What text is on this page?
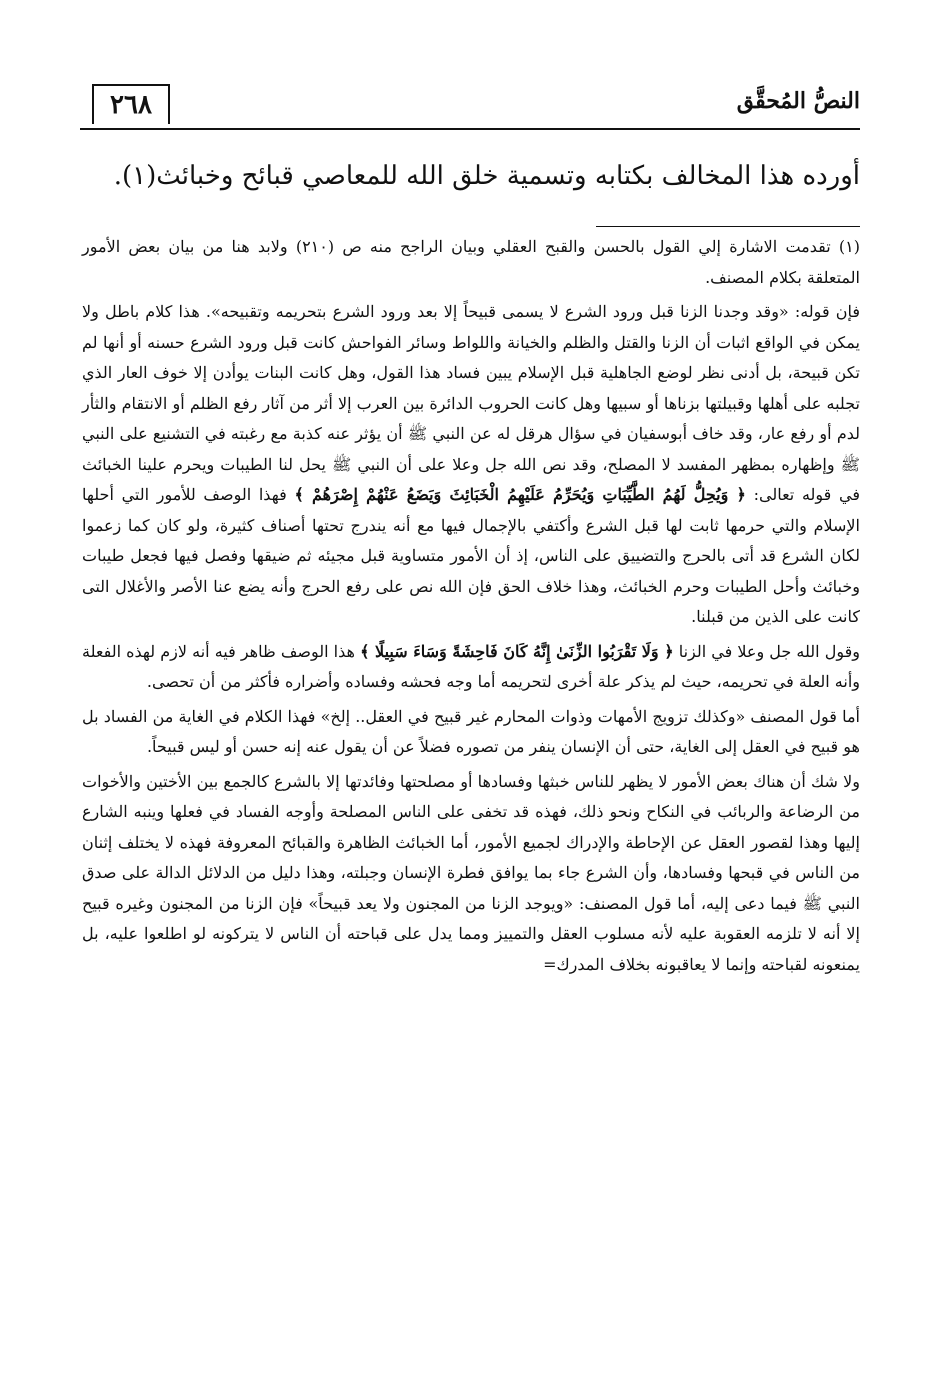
٢٦٨	النصُّ المُحقَّق
أورده هذا المخالف بكتابه وتسمية خلق الله للمعاصي قبائح وخبائث(١).

(١) تقدمت الاشارة إلي القول بالحسن والقبح العقلي وبيان الراجح منه ص (٢١٠) ولابد هنا من بيان بعض الأمور المتعلقة بكلام المصنف.

فإن قوله: «وقد وجدنا الزنا قبل ورود الشرع لا يسمى قبيحاً إلا بعد ورود الشرع بتحريمه وتقبيحه». هذا كلام باطل ولا يمكن في الواقع اثبات أن الزنا والقتل والظلم والخيانة واللواط وسائر الفواحش كانت قبل ورود الشرع حسنه أو أنها لم تكن قبيحة، بل أدنى نظر لوضع الجاهلية قبل الإسلام يبين فساد هذا القول، وهل كانت البنات يوأدن إلا خوف العار الذي تجلبه على أهلها وقبيلتها بزناها أو سبيها وهل كانت الحروب الدائرة بين العرب إلا أثر من آثار رفع الظلم أو الانتقام والثأر لدم أو رفع عار، وقد خاف أبوسفيان في سؤال هرقل له عن النبي ﷺ أن يؤثر عنه كذبة مع رغبته في التشنيع على النبي ﷺ وإظهاره بمظهر المفسد لا المصلح، وقد نص الله جل وعلا على أن النبي ﷺ يحل لنا الطيبات ويحرم علينا الخبائث في قوله تعالى: ﴿ وَيُحِلُّ لَهُمُ الطَّيِّبَاتِ وَيُحَرِّمُ عَلَيْهِمُ الْخَبَائِثَ وَيَضَعُ عَنْهُمْ إِصْرَهُمْ ﴾ فهذا الوصف للأمور التي أحلها الإسلام والتي حرمها ثابت لها قبل الشرع وأكتفي بالإجمال فيها مع أنه يندرج تحتها أصناف كثيرة، ولو كان كما زعموا لكان الشرع قد أتى بالحرج والتضييق على الناس، إذ أن الأمور متساوية قبل مجيئه ثم ضيقها وفصل فيها فجعل طيبات وخبائث وأحل الطيبات وحرم الخبائث، وهذا خلاف الحق فإن الله نص على رفع الحرج وأنه يضع عنا الأصر والأغلال التى كانت على الذين من قبلنا.

وقول الله جل وعلا في الزنا ﴿ وَلَا تَقْرَبُوا الزِّنَىٰ إِنَّهُ كَانَ فَاحِشَةً وَسَاءَ سَبِيلًا ﴾ هذا الوصف ظاهر فيه أنه لازم لهذه الفعلة وأنه العلة في تحريمه، حيث لم يذكر علة أخرى لتحريمه أما وجه فحشه وفساده وأضراره فأكثر من أن تحصى.

أما قول المصنف «وكذلك تزويج الأمهات وذوات المحارم غير قبيح في العقل.. إلخ» فهذا الكلام في الغاية من الفساد بل هو قبيح في العقل إلى الغاية، حتى أن الإنسان ينفر من تصوره فضلاً عن أن يقول عنه إنه حسن أو ليس قبيحاً.

ولا شك أن هناك بعض الأمور لا يظهر للناس خبثها وفسادها أو مصلحتها وفائدتها إلا بالشرع كالجمع بين الأختين والأخوات من الرضاعة والربائب في النكاح ونحو ذلك، فهذه قد تخفى على الناس المصلحة وأوجه الفساد في فعلها وينبه الشارع إليها وهذا لقصور العقل عن الإحاطة والإدراك لجميع الأمور، أما الخبائث الظاهرة والقبائح المعروفة فهذه لا يختلف إثنان من الناس في قبحها وفسادها، وأن الشرع جاء بما يوافق فطرة الإنسان وجبلته، وهذا دليل من الدلائل الدالة على صدق النبي ﷺ فيما دعى إليه، أما قول المصنف: «ويوجد الزنا من المجنون ولا يعد قبيحاً» فإن الزنا من المجنون وغيره قبيح إلا أنه لا تلزمه العقوبة عليه لأنه مسلوب العقل والتمييز ومما يدل على قباحته أن الناس لا يتركونه لو اطلعوا عليه، بل يمنعونه لقباحته وإنما لا يعاقبونه بخلاف المدرك=
